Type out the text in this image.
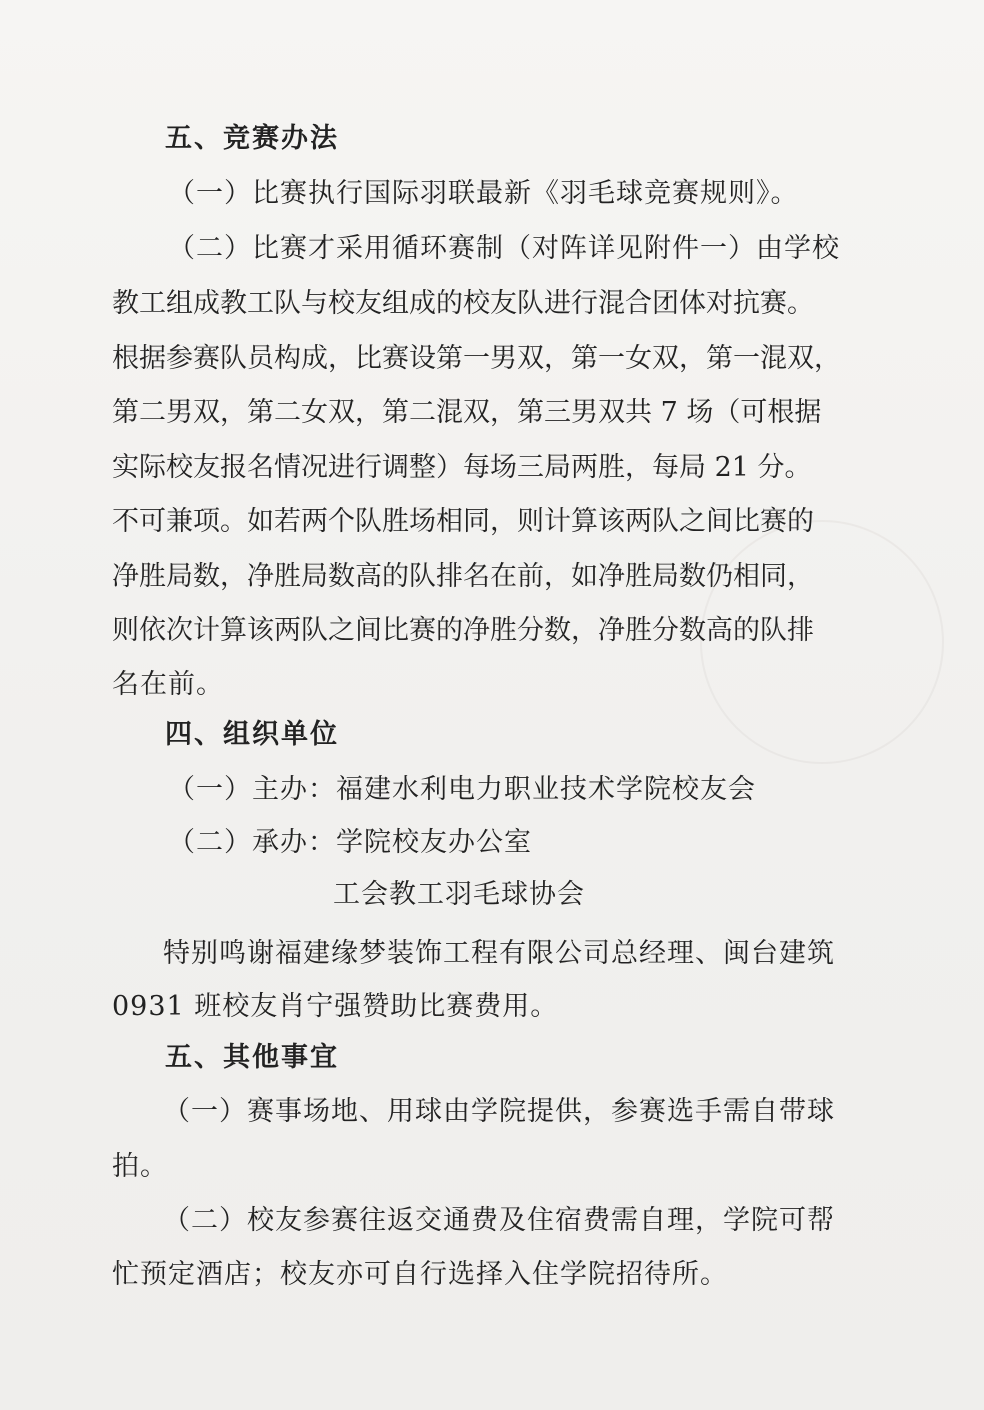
五、竞赛办法
（一）比赛执行国际羽联最新《羽毛球竞赛规则》。
（二）比赛才采用循环赛制（对阵详见附件一）由学校
教工组成教工队与校友组成的校友队进行混合团体对抗赛。
根据参赛队员构成，比赛设第一男双，第一女双，第一混双，
第二男双，第二女双，第二混双，第三男双共 7 场（可根据
实际校友报名情况进行调整）每场三局两胜，每局 21 分。
不可兼项。如若两个队胜场相同，则计算该两队之间比赛的
净胜局数，净胜局数高的队排名在前，如净胜局数仍相同，
则依次计算该两队之间比赛的净胜分数，净胜分数高的队排
名在前。
四、组织单位
（一）主办：福建水利电力职业技术学院校友会
（二）承办：学院校友办公室
工会教工羽毛球协会
特别鸣谢福建缘梦装饰工程有限公司总经理、闽台建筑
0931 班校友肖宁强赞助比赛费用。
五、其他事宜
（一）赛事场地、用球由学院提供，参赛选手需自带球
拍。
（二）校友参赛往返交通费及住宿费需自理，学院可帮
忙预定酒店；校友亦可自行选择入住学院招待所。
